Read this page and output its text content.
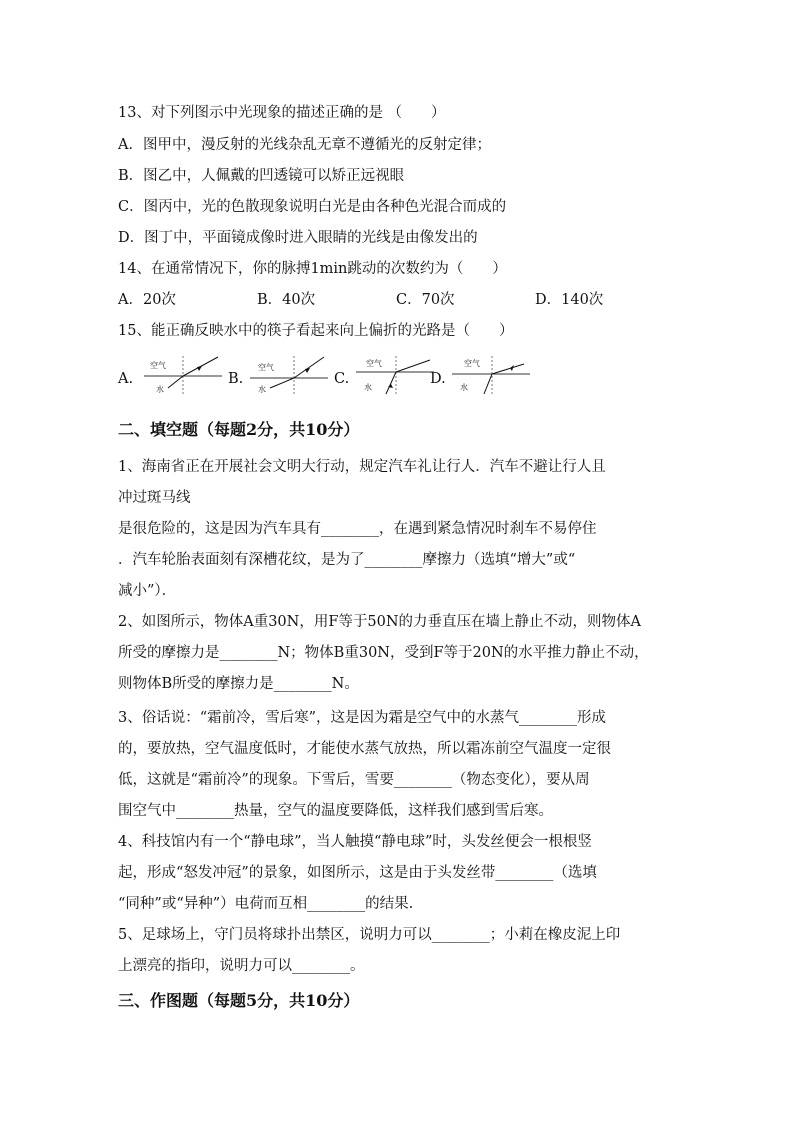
13、对下列图示中光现象的描述正确的是 （　　）
A．图甲中，漫反射的光线杂乱无章不遵循光的反射定律；
B．图乙中，人佩戴的凹透镜可以矫正远视眼
C．图丙中，光的色散现象说明白光是由各种色光混合而成的
D．图丁中，平面镜成像时进入眼睛的光线是由像发出的
14、在通常情况下，你的脉搏1min跳动的次数约为（　　）
A．20次	B．40次	C．70次	D．140次
15、能正确反映水中的筷子看起来向上偏折的光路是（　　）
A.
空气
水
B.
空气
水
C.
空气
水
D.
空气
水
二、填空题（每题2分，共10分）
1、海南省正在开展社会文明大行动，规定汽车礼让行人．汽车不避让行人且
冲过斑马线
是很危险的，这是因为汽车具有________，在遇到紧急情况时刹车不易停住
．汽车轮胎表面刻有深槽花纹，是为了________摩擦力（选填“增大”或“
减小”）．
2、如图所示，物体A重30N，用F等于50N的力垂直压在墙上静止不动，则物体A
所受的摩擦力是________N；物体B重30N，受到F等于20N的水平推力静止不动，
则物体B所受的摩擦力是________N。
3、俗话说：“霜前冷，雪后寒”，这是因为霜是空气中的水蒸气________形成
的，要放热，空气温度低时，才能使水蒸气放热，所以霜冻前空气温度一定很
低，这就是“霜前冷”的现象。下雪后，雪要________（物态变化），要从周
围空气中________热量，空气的温度要降低，这样我们感到雪后寒。
4、科技馆内有一个“静电球”，当人触摸“静电球”时，头发丝便会一根根竖
起，形成“怒发冲冠”的景象，如图所示，这是由于头发丝带________（选填
“同种”或“异种”）电荷而互相________的结果.
5、足球场上，守门员将球扑出禁区，说明力可以________；小莉在橡皮泥上印
上漂亮的指印，说明力可以________。
三、作图题（每题5分，共10分）
